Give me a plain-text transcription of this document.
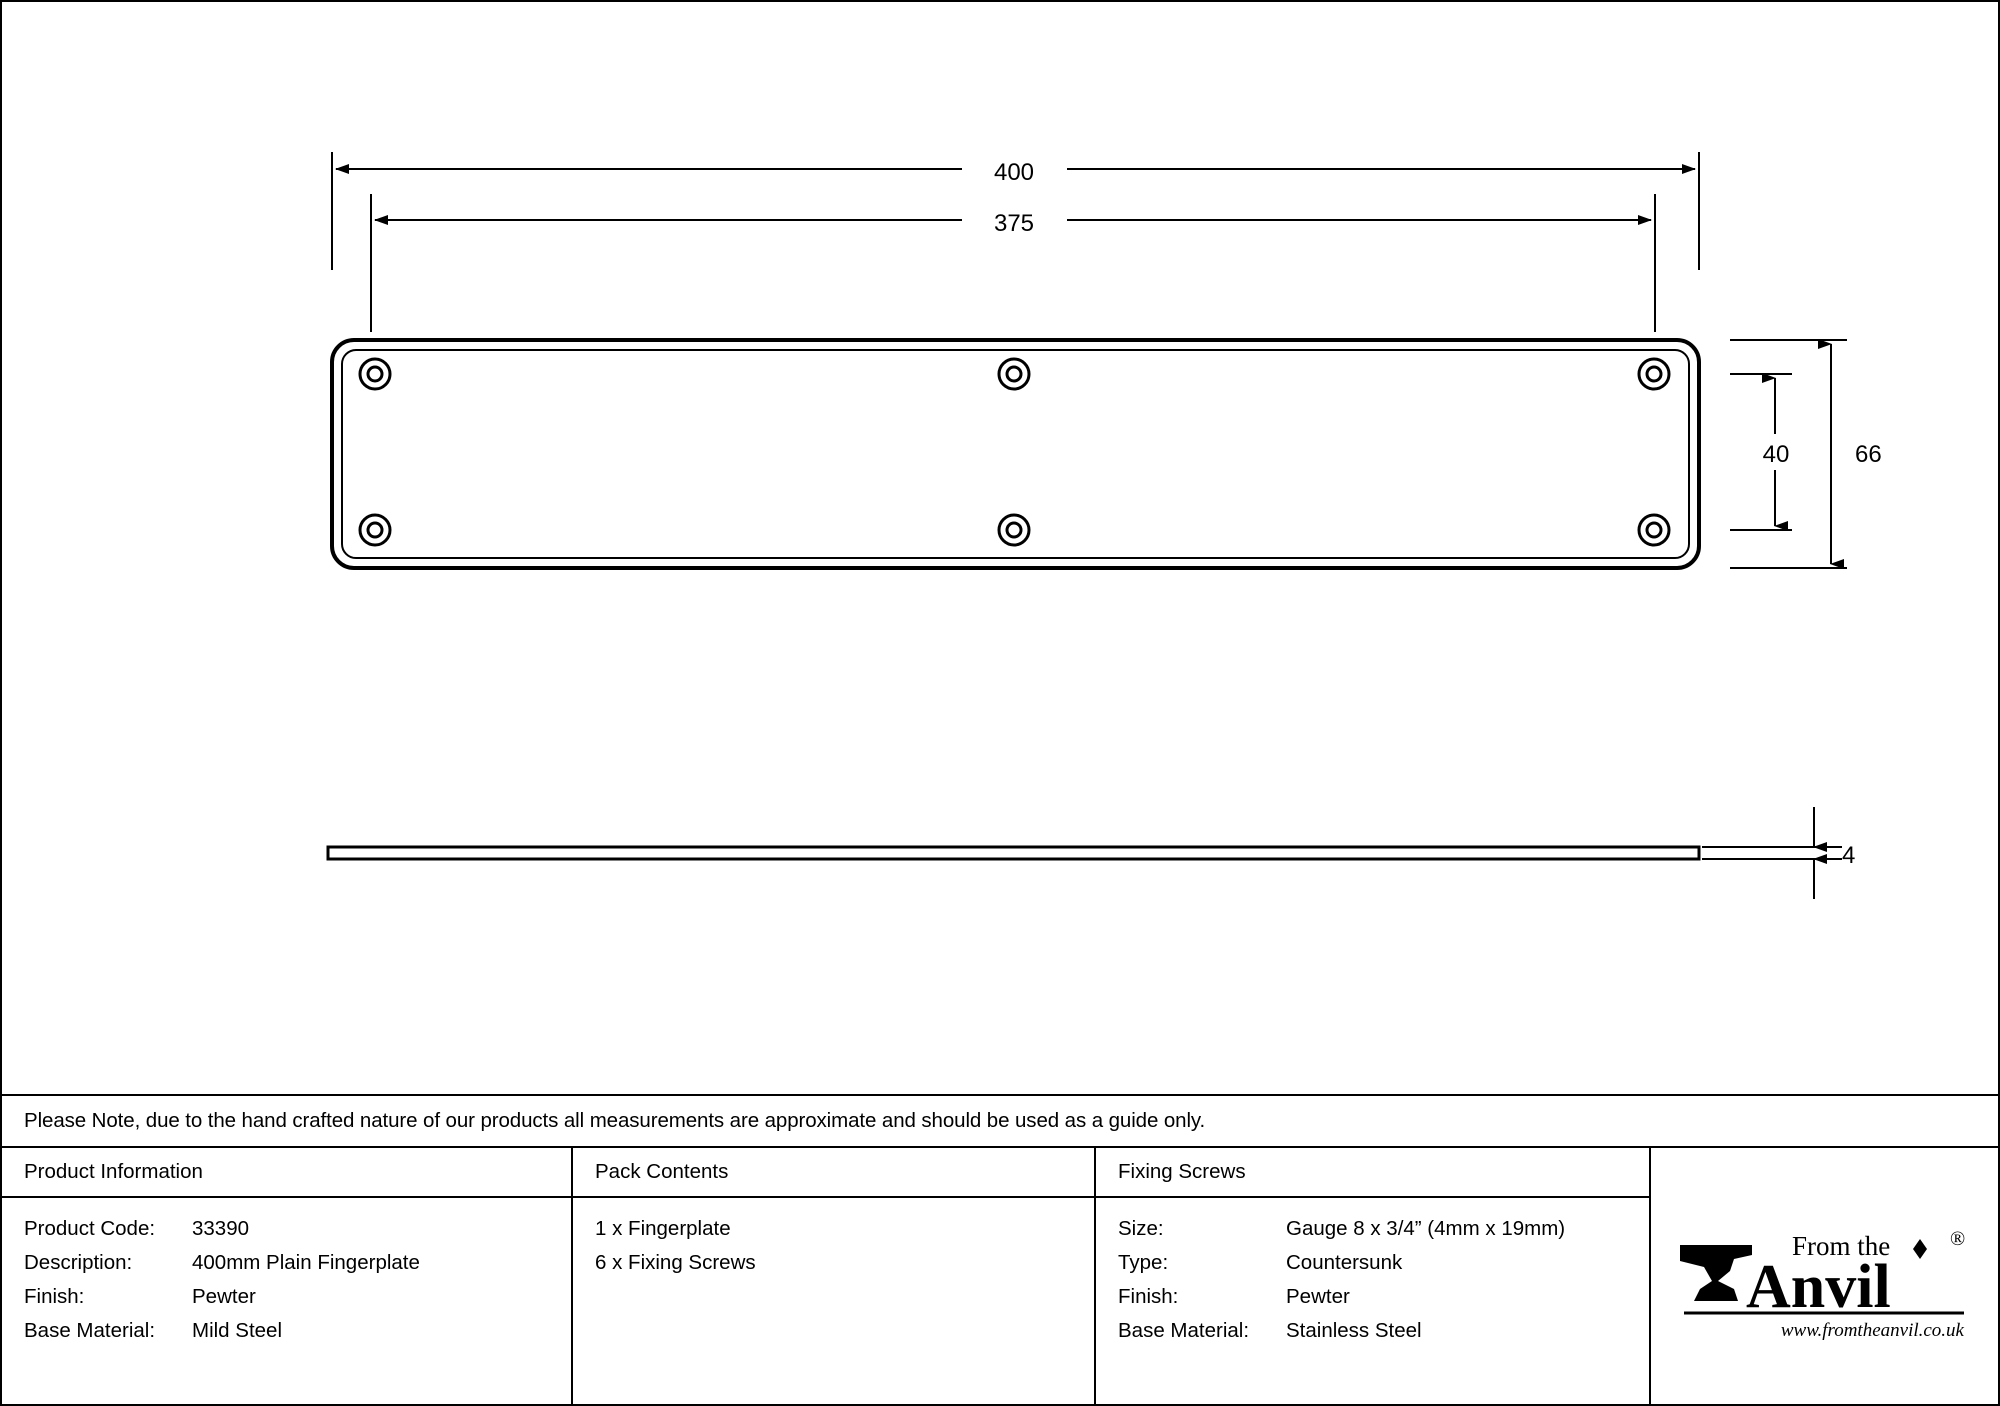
400
375
40	66
4
Please Note, due to the hand crafted nature of our products all measurements are approximate and should be used as a guide only.
Product Information
Product Code:	33390
Description:	400mm Plain Fingerplate
Finish:	Pewter
Base Material:	Mild Steel
Pack Contents
1 x Fingerplate
6 x Fixing Screws
Fixing Screws
Size:	Gauge 8 x 3/4” (4mm x 19mm)
Type:	Countersunk
Finish:	Pewter
Base Material:	Stainless Steel
From the	®
Anvil
www.fromtheanvil.co.uk
